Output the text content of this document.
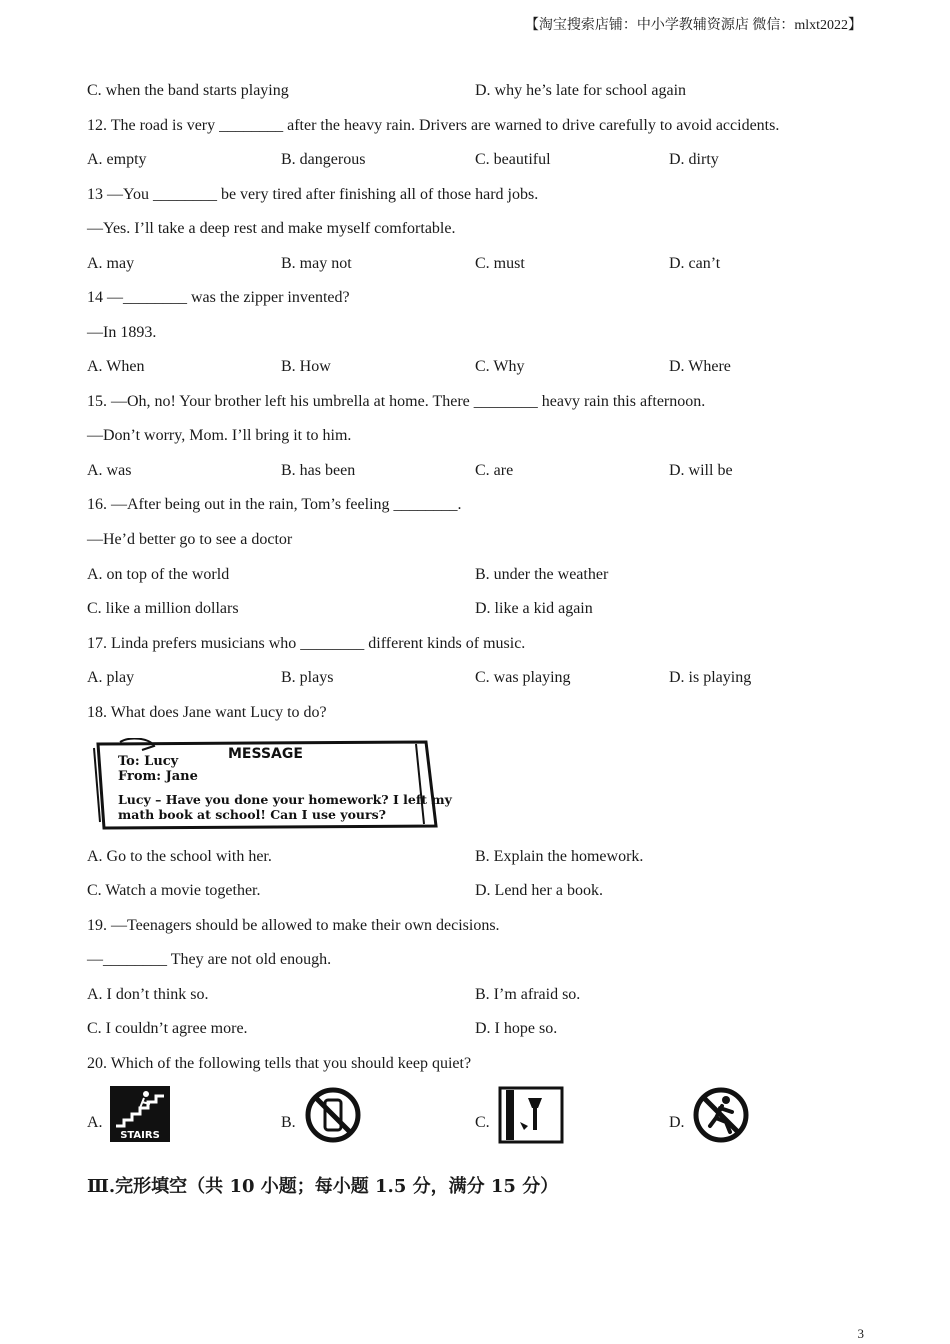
【淘宝搜索店铺：中小学教辅资源店 微信：mlxt2022】
C. when the band starts playing	D. why he’s late for school again
12. The road is very ________ after the heavy rain. Drivers are warned to drive carefully to avoid accidents.
A. empty	B. dangerous	C. beautiful	D. dirty
13 —You ________ be very tired after finishing all of those hard jobs.
—Yes. I’ll take a deep rest and make myself comfortable.
A. may	B. may not	C. must	D. can’t
14 —________ was the zipper invented?
—In 1893.
A. When	B. How	C. Why	D. Where
15. —Oh, no! Your brother left his umbrella at home. There ________ heavy rain this afternoon.
—Don’t worry, Mom. I’ll bring it to him.
A. was	B. has been	C. are	D. will be
16. —After being out in the rain, Tom’s feeling ________.
—He’d better go to see a doctor
A. on top of the world	B. under the weather
C. like a million dollars	D. like a kid again
17. Linda prefers musicians who ________ different kinds of music.
A. play	B. plays	C. was playing	D. is playing
18. What does Jane want Lucy to do?
MESSAGE
To: Lucy
From: Jane
Lucy – Have you done your homework? I left my
math book at school! Can I use yours?
A. Go to the school with her.	B. Explain the homework.
C. Watch a movie together.	D. Lend her a book.
19. —Teenagers should be allowed to make their own decisions.
—________ They are not old enough.
A. I don’t think so.	B. I’m afraid so.
C. I couldn’t agree more.	D. I hope so.
20. Which of the following tells that you should keep quiet?
A.
STAIRS
B.	C.	D.
Ⅲ.完形填空（共 10 小题；每小题 1.5 分，满分 15 分）
3
